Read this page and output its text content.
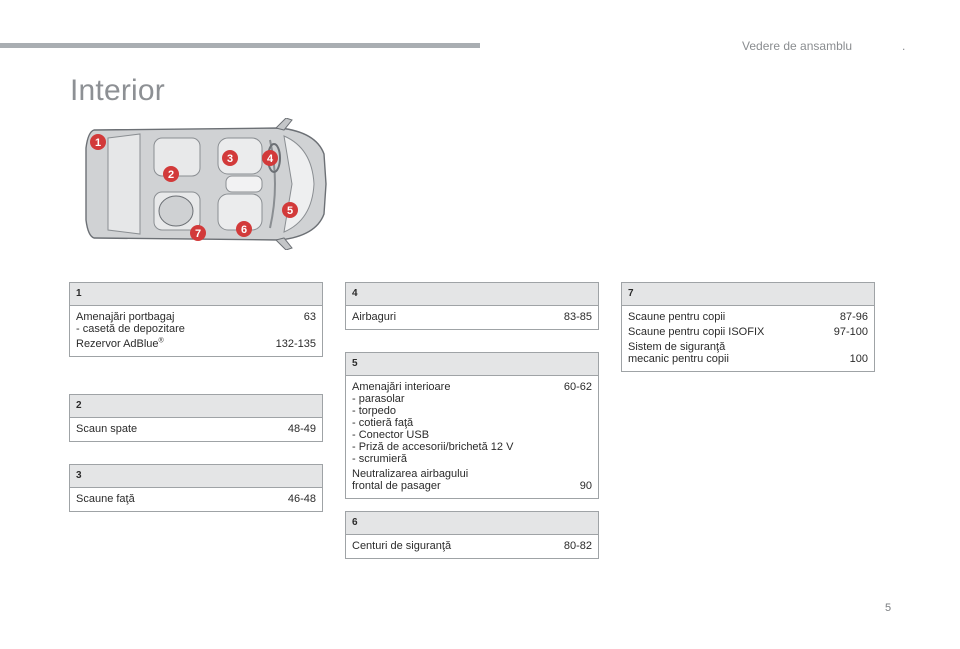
Vedere de ansamblu	.
Interior
1
2
3	4
5
6
7
1
Amenajări portbagaj	63
- casetă de depozitare
Rezervor AdBlue®	132-135
2
Scaun spate	48-49
3
Scaune faţă	46-48
4
Airbaguri	83-85
5
Amenajări interioare	60-62
- parasolar
- torpedo
- cotieră faţă
- Conector USB
- Priză de accesorii/brichetă 12 V
- scrumieră
Neutralizarea airbagului
frontal de pasager	90
6
Centuri de siguranţă	80-82
7
Scaune pentru copii	87-96
Scaune pentru copii ISOFIX	97-100
Sistem de siguranţă
mecanic pentru copii	100
5
